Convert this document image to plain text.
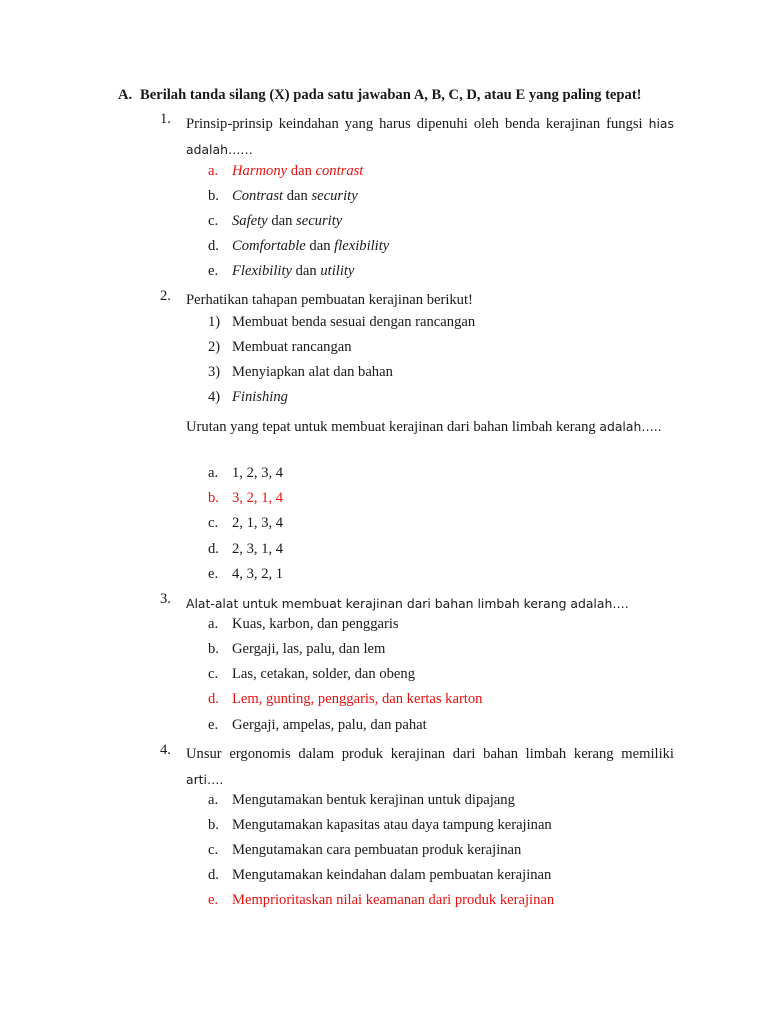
A. Berilah tanda silang (X) pada satu jawaban A, B, C, D, atau E yang paling tepat!
1. Prinsip-prinsip keindahan yang harus dipenuhi oleh benda kerajinan fungsi hias adalah……
a. Harmony dan contrast
b. Contrast dan security
c. Safety dan security
d. Comfortable dan flexibility
e. Flexibility dan utility
2. Perhatikan tahapan pembuatan kerajinan berikut!
1) Membuat benda sesuai dengan rancangan
2) Membuat rancangan
3) Menyiapkan alat dan bahan
4) Finishing
Urutan yang tepat untuk membuat kerajinan dari bahan limbah kerang adalah…..
a. 1, 2, 3, 4
b. 3, 2, 1, 4
c. 2, 1, 3, 4
d. 2, 3, 1, 4
e. 4, 3, 2, 1
3. Alat-alat untuk membuat kerajinan dari bahan limbah kerang adalah….
a. Kuas, karbon, dan penggaris
b. Gergaji, las, palu, dan lem
c. Las, cetakan, solder, dan obeng
d. Lem, gunting, penggaris, dan kertas karton
e. Gergaji, ampelas, palu, dan pahat
4. Unsur ergonomis dalam produk kerajinan dari bahan limbah kerang memiliki arti….
a. Mengutamakan bentuk kerajinan untuk dipajang
b. Mengutamakan kapasitas atau daya tampung kerajinan
c. Mengutamakan cara pembuatan produk kerajinan
d. Mengutamakan keindahan dalam pembuatan kerajinan
e. Memprioritaskan nilai keamanan dari produk kerajinan
